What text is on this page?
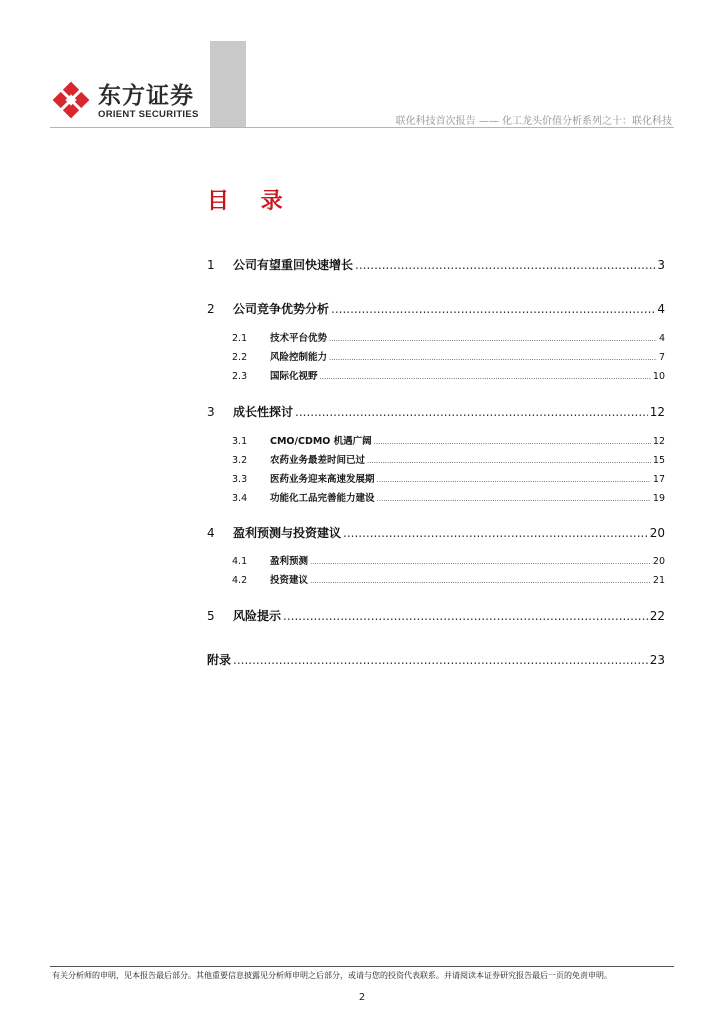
东方证券
ORIENT SECURITIES
联化科技首次报告 —— 化工龙头价值分析系列之十：联化科技
目 录
1	公司有望重回快速增长 .....	3
2	公司竞争优势分析 .....	4
2.1	技术平台优势 .....	4
2.2	风险控制能力 .....	7
2.3	国际化视野 .....	10
3	成长性探讨 .....	12
3.1	CMO/CDMO 机遇广阔 .....	12
3.2	农药业务最差时间已过 .....	15
3.3	医药业务迎来高速发展期 .....	17
3.4	功能化工品完善能力建设 .....	19
4	盈利预测与投资建议 .....	20
4.1	盈利预测 .....	20
4.2	投资建议 .....	21
5	风险提示 .....	22
附录 .....	23
有关分析师的申明，见本报告最后部分。其他重要信息披露见分析师申明之后部分，或请与您的投资代表联系。并请阅读本证券研究报告最后一页的免责申明。
2
